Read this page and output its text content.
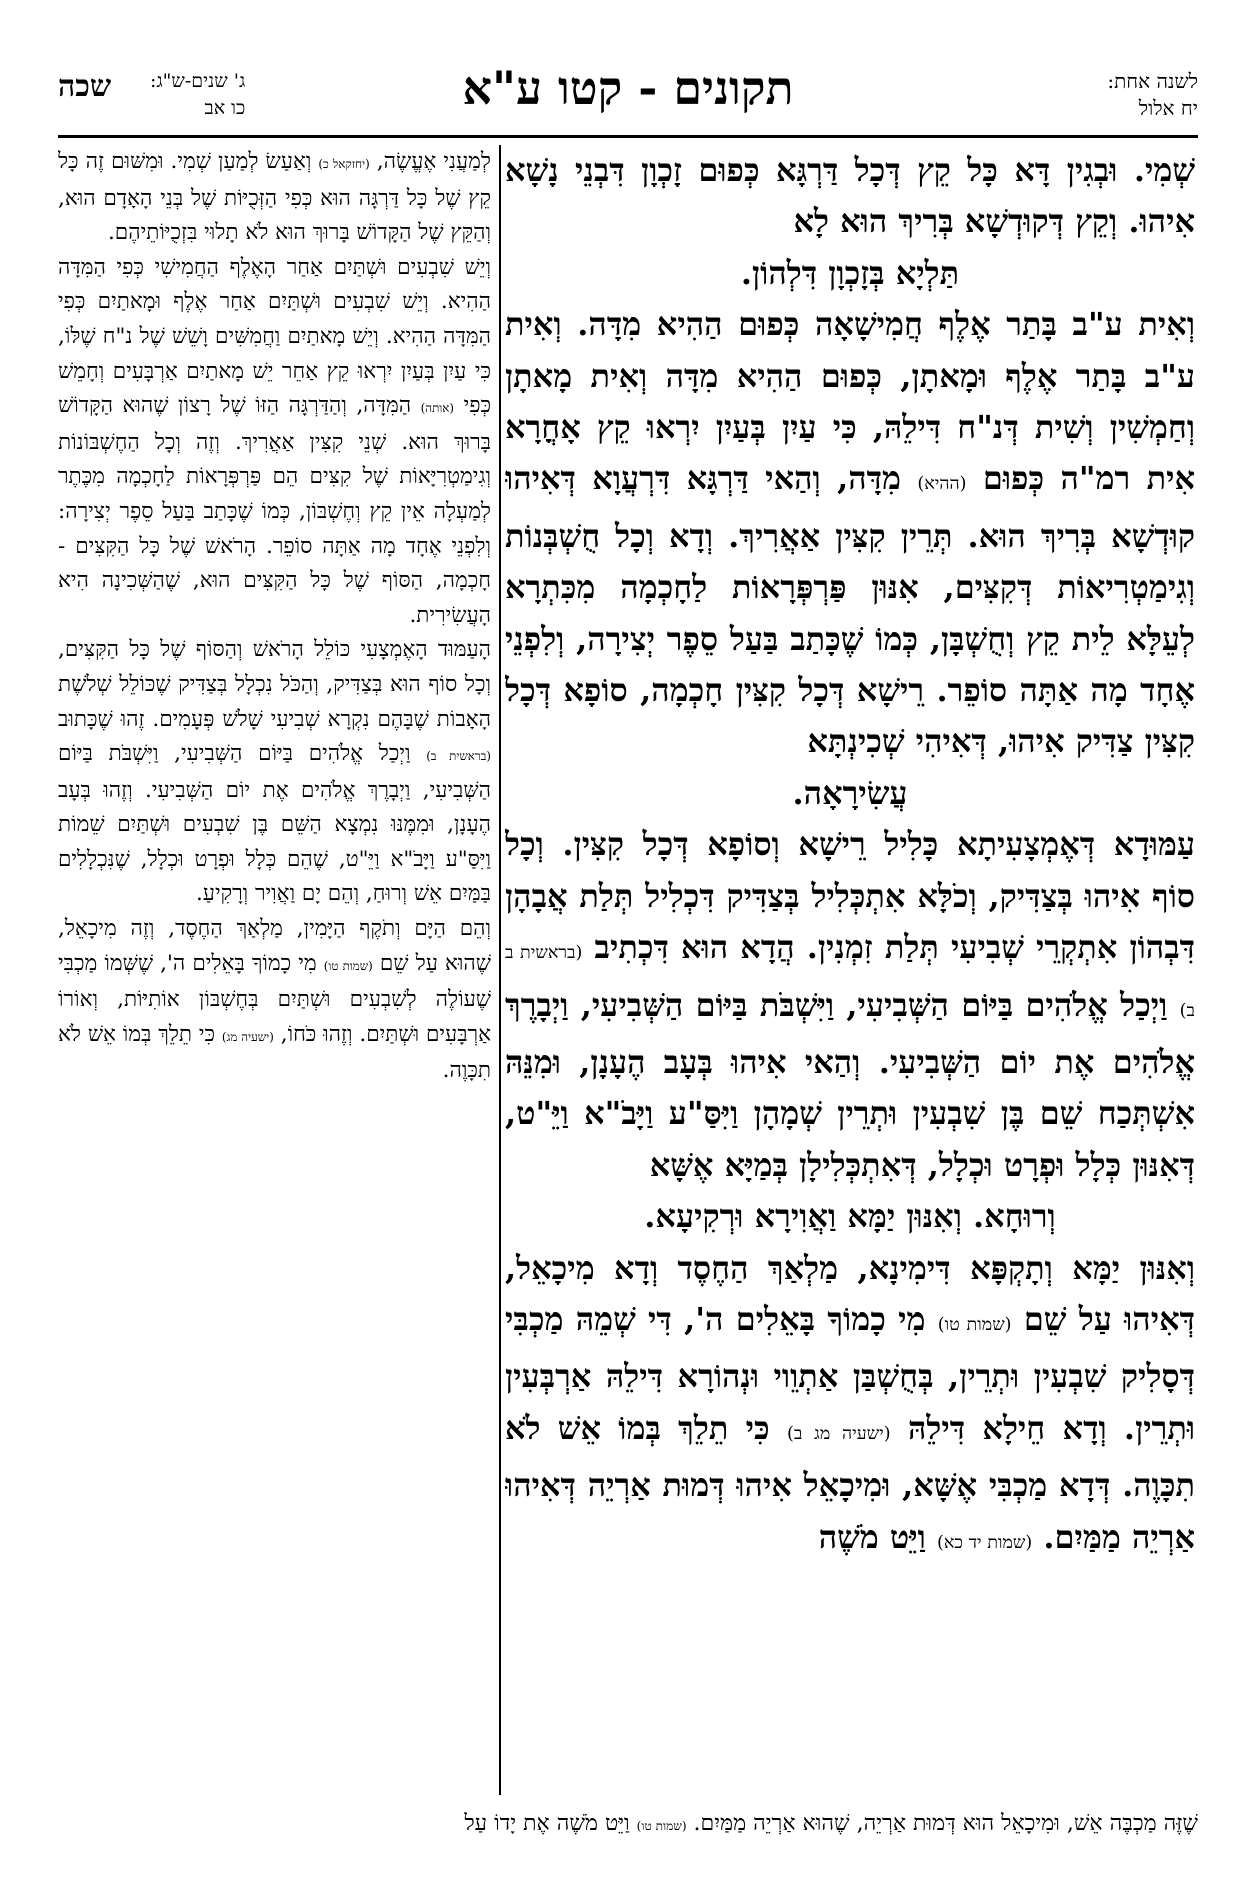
לשנה אחת:
יח אלול
תקונים - קטו ע"א
ג' שנים-ש"ג:
כו אב
שכה

שְׁמִי. וּבְגִין דָּא כָּל קֵץ דְּכָל דַּרְגָּא כְּפוּם זָכְוָן דִּבְנֵי נָשָׁא אִיהוּ. וְקֵץ דְּקוּדְשָׁא בְּרִיךְ הוּא לָא

תַּלְיָא בְּזָכְוָן דִּלְהוֹן.

וְאִית ע"ב בָּתַר אֶלֶף חֲמִישָׁאָה כְּפוּם הַהִיא מִדָּה. וְאִית ע"ב בָּתַר אֶלֶף וּמָאתָן, כְּפוּם הַהִיא מִדָּה וְאִית מָאתָן וְחַמְשִׁין וְשִׁית דְּנ"ח דִּילֵהּ, כִּי עַיִן בְּעַיִן יִרְאוּ קֵץ אָחֳרָא אִית רמ"ה כְּפוּם (ההיא) מִדָּה, וְהַאי דַּרְגָּא דִּרְעֲוָא דְּאִיהוּ קוּדְשָׁא בְּרִיךְ הוּא. תְּרֵין קִצִּין אַאֲרִיךְ. וְדָא וְכָל חֻשְׁבְּנוֹת וְגִימַטְרִיאוֹת דְּקִצִּים, אִנּוּן פַּרְפְּרָאוֹת לַחָכְמָה מִכִּתְרָא לְעֵלָּא לֵית קֵץ וְחֻשְׁבָּן, כְּמוֹ שֶׁכָּתַב בַּעַל סֵפֶר יְצִירָה, וְלִפְנֵי אֶחָד מָה אַתָּה סוֹפֵר. רֵישָׁא דְּכָל קִצִּין חָכְמָה, סוֹפָא דְּכָל קִצִּין צַדִּיק אִיהוּ, דְּאִיהִי שְׁכִינְתָּא

עֲשִׂירָאָה.

עַמּוּדָא דְּאֶמְצָעִיתָא כָּלִיל רֵישָׁא וְסוֹפָא דְּכָל קִצִּין. וְכָל סוֹף אִיהוּ בְּצַדִּיק, וְכֹלָּא אִתְכְּלִיל בְּצַדִּיק דִּכְלִיל תְּלַת אֲבָהָן דִּבְהוֹן אִתְקְרֵי שְׁבִיעִי תְּלַת זִמְנִין. הֲדָא הוּא דִּכְתִיב (בראשית ב ב) וַיְכַל אֱלֹהִים בַּיּוֹם הַשְּׁבִיעִי, וַיִּשְׁבֹּת בַּיּוֹם הַשְּׁבִיעִי, וַיְבָרֶךְ אֱלֹהִים אֶת יוֹם הַשְּׁבִיעִי. וְהַאי אִיהוּ בְּעָב הֶעָנָן, וּמִנֵּהּ אִשְׁתְּכַח שֵׁם בֶּן שִׁבְעִין וּתְרֵין שְׁמָהָן וַיִּסַּ"ע וַיָּבֹ"א וַיֵּ"ט, דְּאִנּוּן כְּלָל וּפְרָט וּכְלָל, דְּאִתְכְּלִילָן בְּמַיָּא אֶשָּׁא

וְרוּחָא. וְאִנּוּן יַמָּא וַאֲוִירָא וּרְקִיעָא.

וְאִנּוּן יַמָּא וְתָקְפָּא דִּימִינָא, מַלְאַךְ הַחֶסֶד וְדָא מִיכָאֵל, דְּאִיהוּ עַל שֵׁם (שמות טו) מִי כָמוֹךָ בָּאֵלִים ה', דִּי שְׁמֵהּ מַכְבִּי דְּסָלִיק שִׁבְעִין וּתְרֵין, בְּחֻשְׁבַּן אַתְוֵוי וּנְהוֹרָא דִּילֵהּ אַרְבְּעִין וּתְרֵין. וְדָא חֵילָא דִּילֵהּ (ישעיה מג ב) כִּי תֵלֵךְ בְּמוֹ אֵשׁ לֹא תִכָּוֶה. דְּדָא מַכְבִּי אֶשָּׁא, וּמִיכָאֵל אִיהוּ דְּמוּת אַרְיֵה דְּאִיהוּ אַרְיֵה מַמַּיִם. (שמות יד כא) וַיֵּט מֹשֶׁה

לְמַעֲנִי אֶעֱשֶׂה, (יחזקאל כ) וְאַעַשׂ לְמַעַן שְׁמִי. וּמִשּׁוּם זֶה כָּל קֵץ שֶׁל כָּל דַּרְגָּה הוּא כְּפִי הַזְּכֻיּוֹת שֶׁל בְּנֵי הָאָדָם הוּא, וְהַקֵּץ שֶׁל הַקָּדוֹשׁ בָּרוּךְ הוּא לֹא תָלוּי בִּזְכֻיּוֹתֵיהֶם.

וְיֵשׁ שִׁבְעִים וּשְׁתַּיִם אַחַר הָאֶלֶף הַחֲמִישִׁי כְּפִי הַמִּדָּה הַהִיא. וְיֵשׁ שִׁבְעִים וּשְׁתַּיִם אַחַר אֶלֶף וּמָאתַיִם כְּפִי הַמִּדָּה הַהִיא. וְיֵשׁ מָאתַיִם וַחֲמִשִּׁים וָשֵׁשׁ שֶׁל נ"ח שֶׁלּוֹ, כִּי עַיִן בְּעַיִן יִרְאוּ קֵץ אַחֵר יֵשׁ מָאתַיִם אַרְבָּעִים וְחָמֵשׁ כְּפִי (אותה) הַמִּדָּה, וְהַדַּרְגָּה הַזּוֹ שֶׁל רָצוֹן שֶׁהוּא הַקָּדוֹשׁ בָּרוּךְ הוּא. שְׁנֵי קִצִּין אַאֲרִיךְ. וְזֶה וְכָל הַחֶשְׁבּוֹנוֹת וְגִימַטְרִיָּאוֹת שֶׁל קִצִּים הֵם פַּרְפְּרָאוֹת לַחָכְמָה מִכֶּתֶר לְמַעְלָה אֵין קֵץ וְחֶשְׁבּוֹן, כְּמוֹ שֶׁכָּתַב בַּעַל סֵפֶר יְצִירָה: וְלִפְנֵי אֶחָד מָה אַתָּה סוֹפֵר. הָרֹאשׁ שֶׁל כָּל הַקִּצִּים - חָכְמָה, הַסּוֹף שֶׁל כָּל הַקִּצִּים הוּא, שֶׁהַשְּׁכִינָה הִיא הָעֲשִׂירִית.

הָעַמּוּד הָאֶמְצָעִי כּוֹלֵל הָרֹאשׁ וְהַסּוֹף שֶׁל כָּל הַקִּצִּים, וְכָל סוֹף הוּא בְּצַדִּיק, וְהַכֹּל נִכְלָל בְּצַדִּיק שֶׁכּוֹלֵל שְׁלֹשֶׁת הָאָבוֹת שֶׁבָּהֶם נִקְרָא שְׁבִיעִי שָׁלֹשׁ פְּעָמִים. זֶהוּ שֶׁכָּתוּב (בראשית ב) וַיְכַל אֱלֹהִים בַּיּוֹם הַשְּׁבִיעִי, וַיִּשְׁבֹּת בַּיּוֹם הַשְּׁבִיעִי, וַיְבָרֶךְ אֱלֹהִים אֶת יוֹם הַשְּׁבִיעִי. וְזֶהוּ בְּעָב הֶעָנָן, וּמִמֶּנּוּ נִמְצָא הַשֵּׁם בֶּן שִׁבְעִים וּשְׁתַּיִם שֵׁמוֹת וַיִּסַּ"ע וַיָּבֹ"א וַיֵּ"ט, שֶׁהֵם כְּלָל וּפְרָט וּכְלָל, שֶׁנִּכְלָלִים בַּמַּיִם אֵשׁ וְרוּחַ, וְהֵם יָם וַאֲוִיר וְרָקִיעַ.

וְהֵם הַיָּם וְתֹקֶף הַיָּמִין, מַלְאַךְ הַחֶסֶד, וְזֶה מִיכָאֵל, שֶׁהוּא עַל שֵׁם (שמות טו) מִי כָמוֹךָ בָּאֵלִים ה', שֶׁשְּׁמוֹ מַכְבִּי שֶׁעוֹלֶה לְשִׁבְעִים וּשְׁתַּיִם בְּחֶשְׁבּוֹן אוֹתִיּוֹת, וְאוֹרוֹ אַרְבָּעִים וּשְׁתַּיִם. וְזֶהוּ כֹּחוֹ, (ישעיה מג) כִּי תֵלֵךְ בְּמוֹ אֵשׁ לֹא תִכָּוֶה.

שֶׁזֶּה מַכְבֶּה אֵשׁ, וּמִיכָאֵל הוּא דְּמוּת אַרְיֵה, שֶׁהוּא אַרְיֵה מַמַּיִם. (שמות טו) וַיֵּט מֹשֶׁה אֶת יָדוֹ עַל
